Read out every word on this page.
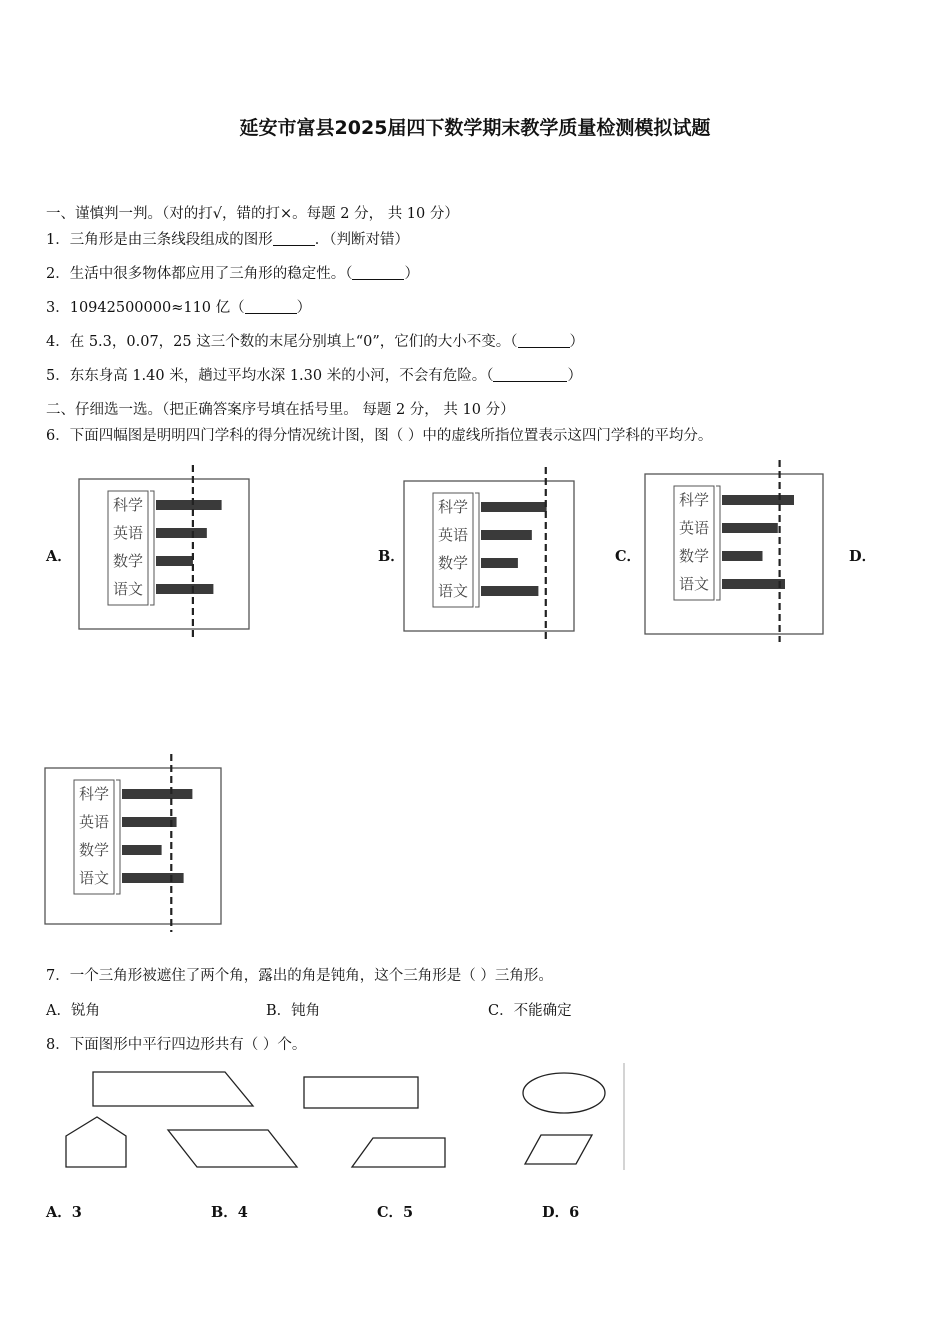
延安市富县2025届四下数学期末教学质量检测模拟试题
一、谨慎判一判。（对的打√，错的打×。每题 2 分， 共 10 分）
1．三角形是由三条线段组成的图形	．（判断对错）
2．生活中很多物体都应用了三角形的稳定性。（	）
3．10942500000≈110 亿（	）
4．在 5.3，0.07，25 这三个数的末尾分别填上“0”，它们的大小不变。（	）
5．东东身高 1.40 米，趟过平均水深 1.30 米的小河，不会有危险。（	）
二、仔细选一选。（把正确答案序号填在括号里。 每题 2 分， 共 10 分）
6．下面四幅图是明明四门学科的得分情况统计图，图（ ）中的虚线所指位置表示这四门学科的平均分。
A．	B．	C．	D．
科学
英语
数学
语文
科学
英语
数学
语文
科学
英语
数学
语文
科学
英语
数学
语文
7．一个三角形被遮住了两个角，露出的角是钝角，这个三角形是（ ）三角形。
A．锐角	B．钝角	C．不能确定
8．下面图形中平行四边形共有（ ）个。
A．3	B．4	C．5	D．6
